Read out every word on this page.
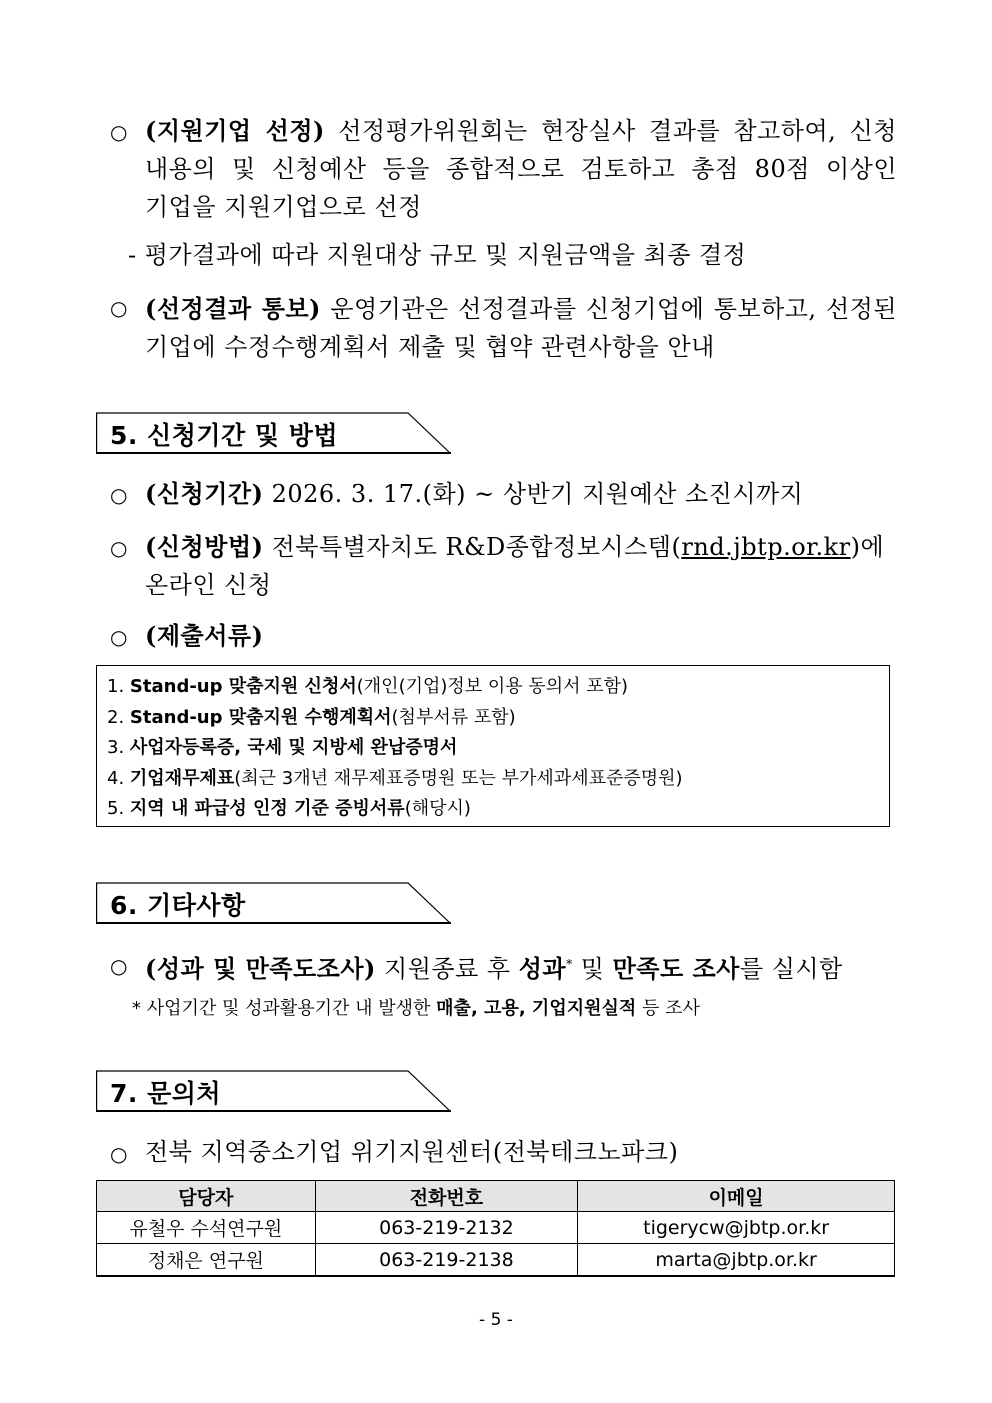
○ (지원기업 선정) 선정평가위원회는 현장실사 결과를 참고하여, 신청
내용의 및 신청예산 등을 종합적으로 검토하고 총점 80점 이상인
기업을 지원기업으로 선정
- 평가결과에 따라 지원대상 규모 및 지원금액을 최종 결정
○ (선정결과 통보) 운영기관은 선정결과를 신청기업에 통보하고, 선정된
기업에 수정수행계획서 제출 및 협약 관련사항을 안내
5. 신청기간 및 방법
○ (신청기간) 2026. 3. 17.(화) ~ 상반기 지원예산 소진시까지
○ (신청방법) 전북특별자치도 R&D종합정보시스템(rnd.jbtp.or.kr)에
온라인 신청
○ (제출서류)
1. Stand-up 맞춤지원 신청서(개인(기업)정보 이용 동의서 포함)
2. Stand-up 맞춤지원 수행계획서(첨부서류 포함)
3. 사업자등록증, 국세 및 지방세 완납증명서
4. 기업재무제표(최근 3개년 재무제표증명원 또는 부가세과세표준증명원)
5. 지역 내 파급성 인정 기준 증빙서류(해당시)
6. 기타사항
○ (성과 및 만족도조사) 지원종료 후 성과* 및 만족도 조사를 실시함
* 사업기간 및 성과활용기간 내 발생한 매출, 고용, 기업지원실적 등 조사
7. 문의처
○ 전북 지역중소기업 위기지원센터(전북테크노파크)
담당자	전화번호	이메일
유철우 수석연구원	063-219-2132	tigerycw@jbtp.or.kr
정채은 연구원	063-219-2138	marta@jbtp.or.kr
- 5 -
